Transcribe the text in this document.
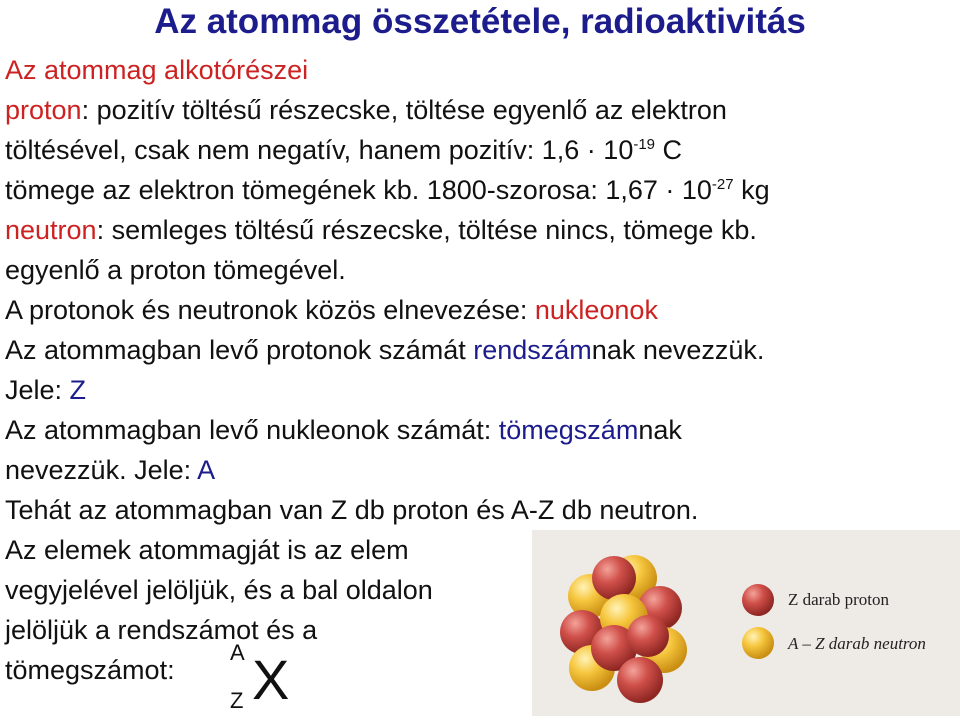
Az atommag összetétele, radioaktivitás
Az atommag alkotórészei
proton: pozitív töltésű részecske, töltése egyenlő az elektron
töltésével, csak nem negatív, hanem pozitív: $1,6 \cdot 10^{-19}$ C
tömege az elektron tömegének kb. 1800-szorosa: $1,67 \cdot 10^{-27}$ kg
neutron: semleges töltésű részecske, töltése nincs, tömege kb.
egyenlő a proton tömegével.
A protonok és neutronok közös elnevezése: nukleonok
Az atommagban levő protonok számát rendszámnak nevezzük.
Jele: Z
Az atommagban levő nukleonok számát: tömegszámnak
nevezzük. Jele: A
Tehát az atommagban van Z db proton és A-Z db neutron.
Az elemek atommagját is az elem
vegyjelével jelöljük, és a bal oldalon
jelöljük a rendszámot és a
tömegszámot:
A
Z X
Z darab proton
A – Z darab neutron
